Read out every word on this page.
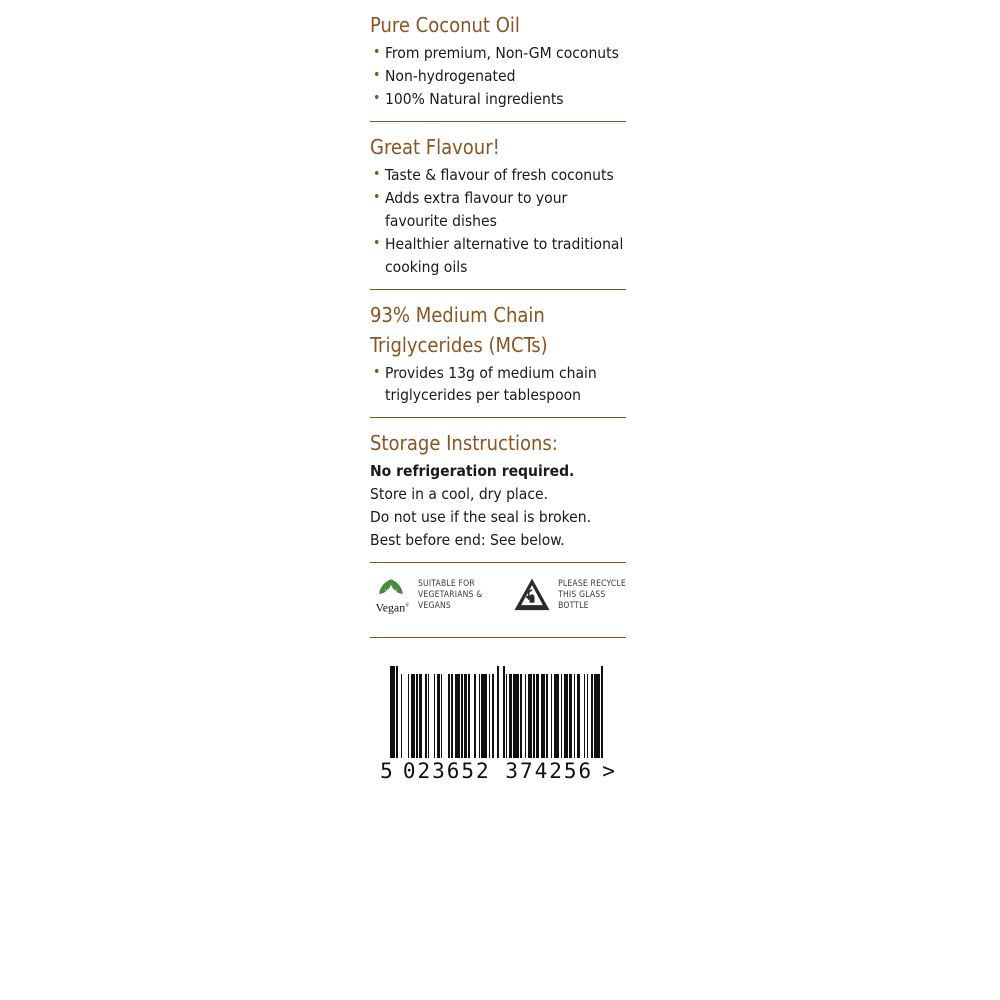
Pure Coconut Oil
• From premium, Non-GM coconuts
• Non-hydrogenated
• 100% Natural ingredients
Great Flavour!
• Taste & flavour of fresh coconuts
• Adds extra flavour to your favourite dishes
• Healthier alternative to traditional cooking oils
93% Medium Chain Triglycerides (MCTs)
• Provides 13g of medium chain triglycerides per tablespoon
Storage Instructions:
No refrigeration required.
Store in a cool, dry place.
Do not use if the seal is broken.
Best before end: See below.
Vegan
Society
Vegan ®
SUITABLE FOR VEGETARIANS & VEGANS
PLEASE RECYCLE THIS GLASS BOTTLE
5 023652 374256 >
